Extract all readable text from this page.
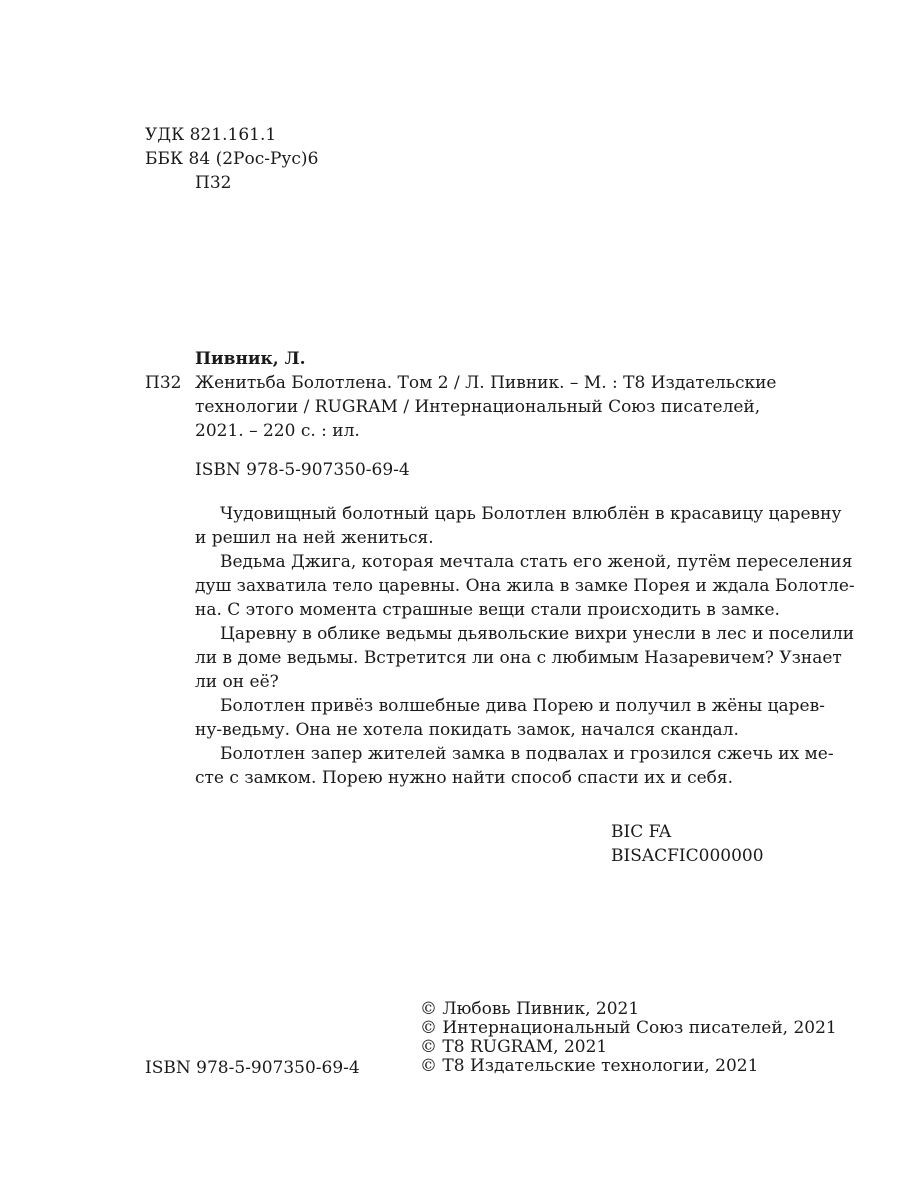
УДК 821.161.1
ББК 84 (2Рос-Рус)6
П32
Пивник, Л.
П32 Женитьба Болотлена. Том 2 / Л. Пивник. – М. : Т8 Издательские
технологии / RUGRAM / Интернациональный Союз писателей,
2021. – 220 с. : ил.
ISBN 978-5-907350-69-4
Чудовищный болотный царь Болотлен влюблён в красавицу царевну
и решил на ней жениться.
Ведьма Джига, которая мечтала стать его женой, путём переселения
душ захватила тело царевны. Она жила в замке Порея и ждала Болотле-
на. С этого момента страшные вещи стали происходить в замке.
Царевну в облике ведьмы дьявольские вихри унесли в лес и поселили
ли в доме ведьмы. Встретится ли она с любимым Назаревичем? Узнает
ли он её?
Болотлен привёз волшебные дива Порею и получил в жёны царев-
ну-ведьму. Она не хотела покидать замок, начался скандал.
Болотлен запер жителей замка в подвалах и грозился сжечь их ме-
сте с замком. Порею нужно найти способ спасти их и себя.
BIC FA
BISACFIC000000
ISBN 978-5-907350-69-4
© Любовь Пивник, 2021
© Интернациональный Союз писателей, 2021
© Т8 RUGRAM, 2021
© Т8 Издательские технологии, 2021
